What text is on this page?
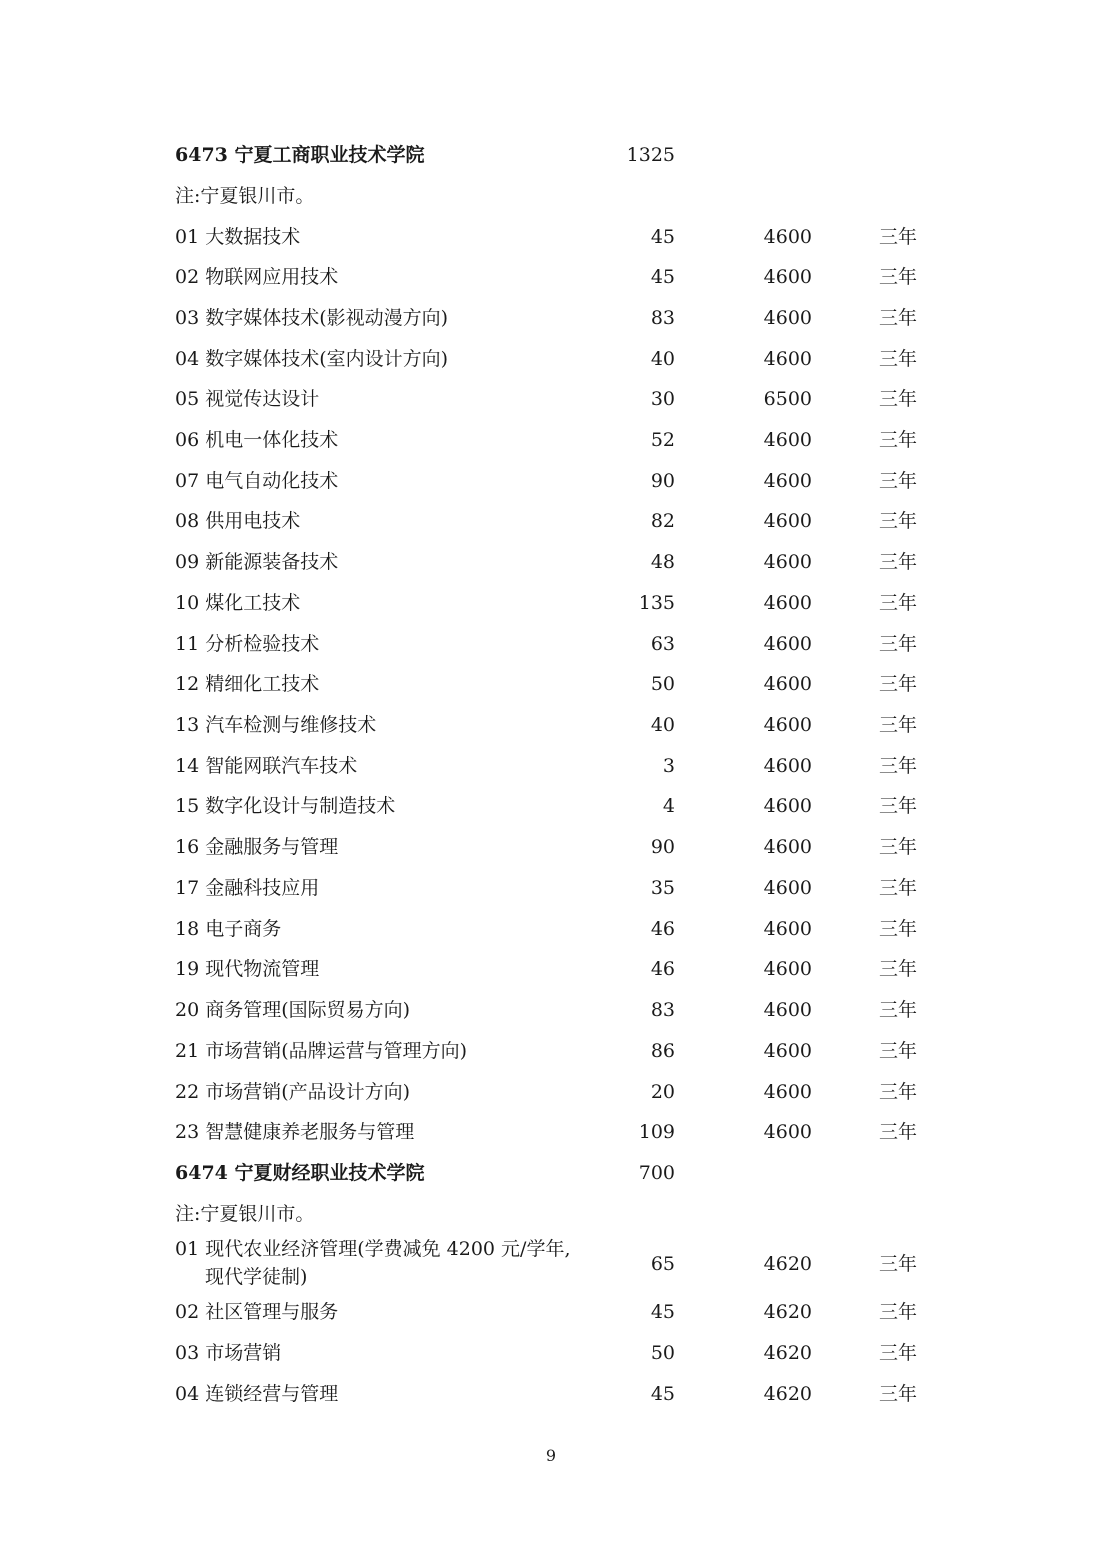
6473 宁夏工商职业技术学院	1325
注:宁夏银川市。
01 大数据技术	45	4600	三年
02 物联网应用技术	45	4600	三年
03 数字媒体技术(影视动漫方向)	83	4600	三年
04 数字媒体技术(室内设计方向)	40	4600	三年
05 视觉传达设计	30	6500	三年
06 机电一体化技术	52	4600	三年
07 电气自动化技术	90	4600	三年
08 供用电技术	82	4600	三年
09 新能源装备技术	48	4600	三年
10 煤化工技术	135	4600	三年
11 分析检验技术	63	4600	三年
12 精细化工技术	50	4600	三年
13 汽车检测与维修技术	40	4600	三年
14 智能网联汽车技术	3	4600	三年
15 数字化设计与制造技术	4	4600	三年
16 金融服务与管理	90	4600	三年
17 金融科技应用	35	4600	三年
18 电子商务	46	4600	三年
19 现代物流管理	46	4600	三年
20 商务管理(国际贸易方向)	83	4600	三年
21 市场营销(品牌运营与管理方向)	86	4600	三年
22 市场营销(产品设计方向)	20	4600	三年
23 智慧健康养老服务与管理	109	4600	三年
6474 宁夏财经职业技术学院	700
注:宁夏银川市。
01 现代农业经济管理(学费减免 4200 元/学年,
现代学徒制)
65	4620	三年
02 社区管理与服务	45	4620	三年
03 市场营销	50	4620	三年
04 连锁经营与管理	45	4620	三年
9
